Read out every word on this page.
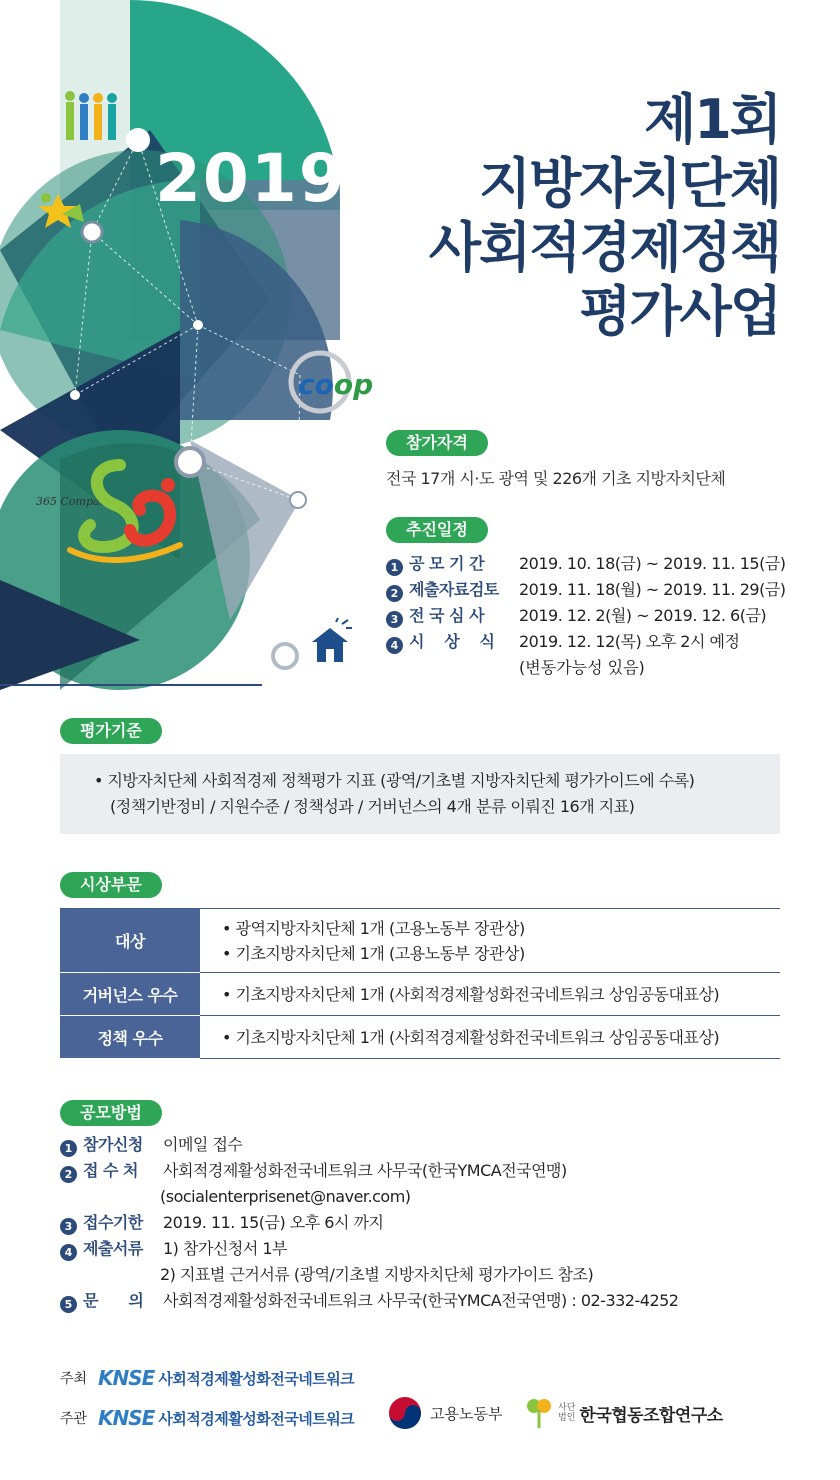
2019
제1회
지방자치단체
사회적경제정책
평가사업
coop
365 Company
참가자격
전국 17개 시·도 광역 및 226개 기초 지방자치단체
추진일정
1 공 모 기 간	2019. 10. 18(금) ~ 2019. 11. 15(금)
2 제출자료검토	2019. 11. 18(월) ~ 2019. 11. 29(금)
3 전 국 심 사	2019. 12. 2(월) ~ 2019. 12. 6(금)
4 시    상    식	2019. 12. 12(목) 오후 2시 예정
(변동가능성 있음)
평가기준
• 지방자치단체 사회적경제 정책평가 지표 (광역/기초별 지방자치단체 평가가이드에 수록)
(정책기반정비 / 지원수준 / 정책성과 / 거버넌스의 4개 분류 이뤄진 16개 지표)
시상부문
대상	• 광역지방자치단체 1개 (고용노동부 장관상)
• 기초지방자치단체 1개 (고용노동부 장관상)

거버넌스 우수	• 기초지방자치단체 1개 (사회적경제활성화전국네트워크 상임공동대표상)

정책 우수	• 기초지방자치단체 1개 (사회적경제활성화전국네트워크 상임공동대표상)
공모방법
1 참가신청	이메일 접수
2 접 수 처	사회적경제활성화전국네트워크 사무국(한국YMCA전국연맹)
(socialenterprisenet@naver.com)
3 접수기한	2019. 11. 15(금) 오후 6시 까지
4 제출서류	1) 참가신청서 1부
2) 지표별 근거서류 (광역/기초별 지방자치단체 평가가이드 참조)
5 문      의	사회적경제활성화전국네트워크 사무국(한국YMCA전국연맹) : 02-332-4252
주최 KNSE 사회적경제활성화전국네트워크
주관 KNSE 사회적경제활성화전국네트워크	고용노동부	사단
법인 한국협동조합연구소
